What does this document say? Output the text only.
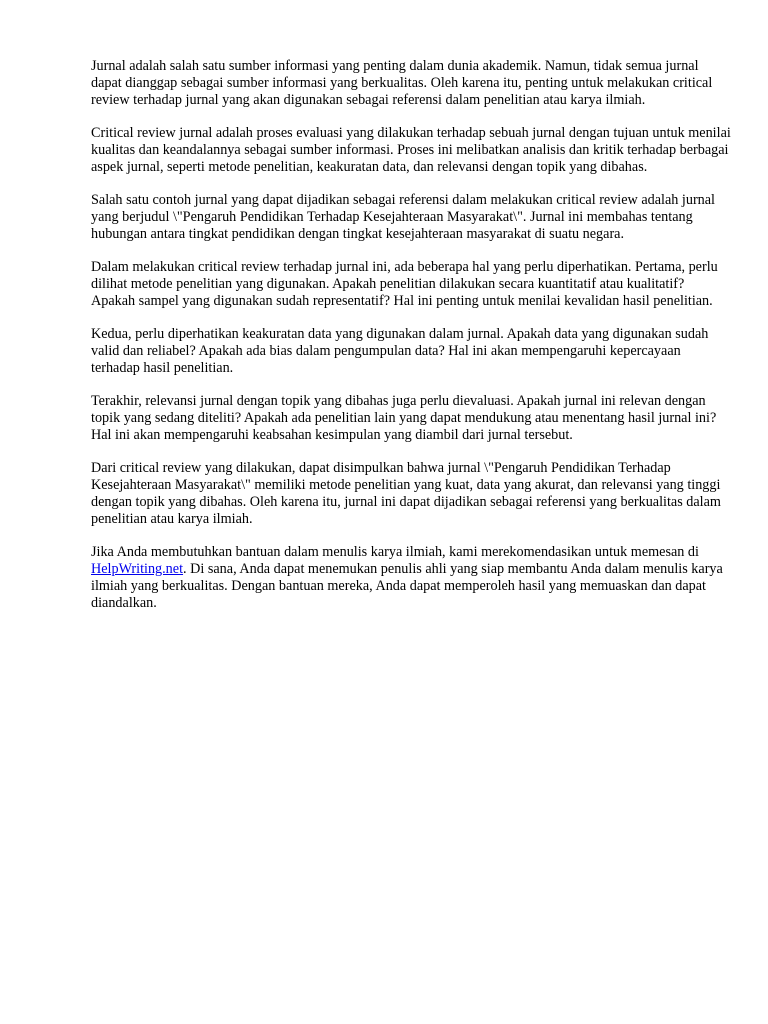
Jurnal adalah salah satu sumber informasi yang penting dalam dunia akademik. Namun, tidak semua jurnal dapat dianggap sebagai sumber informasi yang berkualitas. Oleh karena itu, penting untuk melakukan critical review terhadap jurnal yang akan digunakan sebagai referensi dalam penelitian atau karya ilmiah.

Critical review jurnal adalah proses evaluasi yang dilakukan terhadap sebuah jurnal dengan tujuan untuk menilai kualitas dan keandalannya sebagai sumber informasi. Proses ini melibatkan analisis dan kritik terhadap berbagai aspek jurnal, seperti metode penelitian, keakuratan data, dan relevansi dengan topik yang dibahas.

Salah satu contoh jurnal yang dapat dijadikan sebagai referensi dalam melakukan critical review adalah jurnal yang berjudul \"Pengaruh Pendidikan Terhadap Kesejahteraan Masyarakat\". Jurnal ini membahas tentang hubungan antara tingkat pendidikan dengan tingkat kesejahteraan masyarakat di suatu negara.

Dalam melakukan critical review terhadap jurnal ini, ada beberapa hal yang perlu diperhatikan. Pertama, perlu dilihat metode penelitian yang digunakan. Apakah penelitian dilakukan secara kuantitatif atau kualitatif? Apakah sampel yang digunakan sudah representatif? Hal ini penting untuk menilai kevalidan hasil penelitian.

Kedua, perlu diperhatikan keakuratan data yang digunakan dalam jurnal. Apakah data yang digunakan sudah valid dan reliabel? Apakah ada bias dalam pengumpulan data? Hal ini akan mempengaruhi kepercayaan terhadap hasil penelitian.

Terakhir, relevansi jurnal dengan topik yang dibahas juga perlu dievaluasi. Apakah jurnal ini relevan dengan topik yang sedang diteliti? Apakah ada penelitian lain yang dapat mendukung atau menentang hasil jurnal ini? Hal ini akan mempengaruhi keabsahan kesimpulan yang diambil dari jurnal tersebut.

Dari critical review yang dilakukan, dapat disimpulkan bahwa jurnal \"Pengaruh Pendidikan Terhadap Kesejahteraan Masyarakat\" memiliki metode penelitian yang kuat, data yang akurat, dan relevansi yang tinggi dengan topik yang dibahas. Oleh karena itu, jurnal ini dapat dijadikan sebagai referensi yang berkualitas dalam penelitian atau karya ilmiah.

Jika Anda membutuhkan bantuan dalam menulis karya ilmiah, kami merekomendasikan untuk memesan di HelpWriting.net. Di sana, Anda dapat menemukan penulis ahli yang siap membantu Anda dalam menulis karya ilmiah yang berkualitas. Dengan bantuan mereka, Anda dapat memperoleh hasil yang memuaskan dan dapat diandalkan.
